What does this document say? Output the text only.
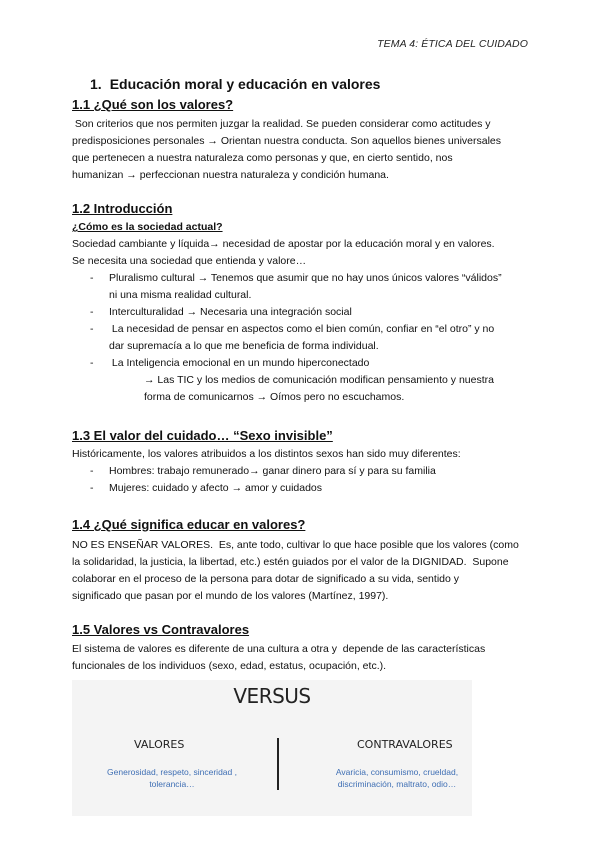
TEMA 4: ÉTICA DEL CUIDADO
1. Educación moral y educación en valores
1.1 ¿Qué son los valores?
Son criterios que nos permiten juzgar la realidad. Se pueden considerar como actitudes y
predisposiciones personales → Orientan nuestra conducta. Son aquellos bienes universales
que pertenecen a nuestra naturaleza como personas y que, en cierto sentido, nos
humanizan → perfeccionan nuestra naturaleza y condición humana.
1.2 Introducción
¿Cómo es la sociedad actual?
Sociedad cambiante y líquida→ necesidad de apostar por la educación moral y en valores.
Se necesita una sociedad que entienda y valore…
- Pluralismo cultural → Tenemos que asumir que no hay unos únicos valores “válidos”
ni una misma realidad cultural.
- Interculturalidad → Necesaria una integración social
- La necesidad de pensar en aspectos como el bien común, confiar en “el otro” y no
dar supremacía a lo que me beneficia de forma individual.
- La Inteligencia emocional en un mundo hiperconectado
→ Las TIC y los medios de comunicación modifican pensamiento y nuestra
forma de comunicarnos → Oímos pero no escuchamos.
1.3 El valor del cuidado… “Sexo invisible”
Históricamente, los valores atribuidos a los distintos sexos han sido muy diferentes:
- Hombres: trabajo remunerado→ ganar dinero para sí y para su familia
- Mujeres: cuidado y afecto → amor y cuidados
1.4 ¿Qué significa educar en valores?
NO ES ENSEÑAR VALORES.  Es, ante todo, cultivar lo que hace posible que los valores (como
la solidaridad, la justicia, la libertad, etc.) estén guiados por el valor de la DIGNIDAD.  Supone
colaborar en el proceso de la persona para dotar de significado a su vida, sentido y
significado que pasan por el mundo de los valores (Martínez, 1997).
1.5 Valores vs Contravalores
El sistema de valores es diferente de una cultura a otra y  depende de las características
funcionales de los individuos (sexo, edad, estatus, ocupación, etc.).
VERSUS
VALORES	CONTRAVALORES
Generosidad, respeto, sinceridad ,
tolerancia…
Avaricia, consumismo, crueldad,
discriminación, maltrato, odio…
